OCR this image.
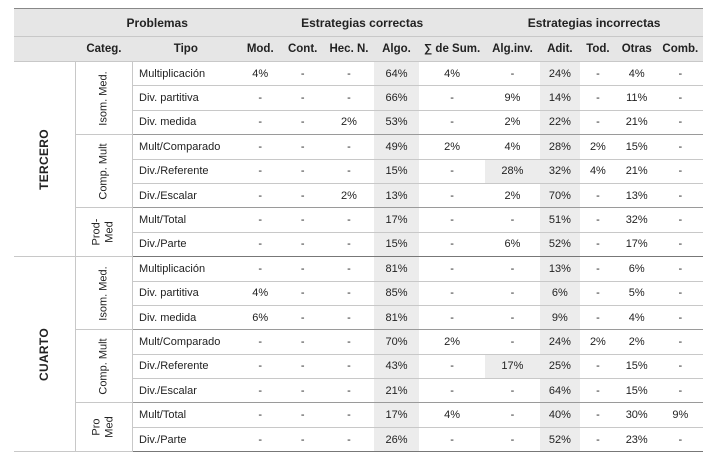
	Problemas		Estrategias correctas					Estrategias incorrectas				
	Categ.	Tipo	Mod.	Cont.	Hec. N.	Algo.	∑ de Sum.	Alg.inv.	Adit.	Tod.	Otras	Comb.
TERCERO	Isom. Med.	Multiplicación	4%	-	-	64%	4%	-	24%	-	4%	-
		Div. partitiva	-	-	-	66%	-	9%	14%	-	11%	-
		Div. medida	-	-	2%	53%	-	2%	22%	-	21%	-

	Comp. Mult	Mult/Comparado	-	-	-	49%	2%	4%	28%	2%	15%	-
		Div./Referente	-	-	-	15%	-	28%	32%	4%	21%	-
		Div./Escalar	-	-	2%	13%	-	2%	70%	-	13%	-

	Prod- Med	Mult/Total	-	-	-	17%	-	-	51%	-	32%	-
		Div./Parte	-	-	-	15%	-	6%	52%	-	17%	-
CUARTO	Isom. Med.	Multiplicación	-	-	-	81%	-	-	13%	-	6%	-
		Div. partitiva	4%	-	-	85%	-	-	6%	-	5%	-
		Div. medida	6%	-	-	81%	-	-	9%	-	4%	-

	Comp. Mult	Mult/Comparado	-	-	-	70%	2%	-	24%	2%	2%	-
		Div./Referente	-	-	-	43%	-	17%	25%	-	15%	-
		Div./Escalar	-	-	-	21%	-	-	64%	-	15%	-

	Pro Med	Mult/Total	-	-	-	17%	4%	-	40%	-	30%	9%
		Div./Parte	-	-	-	26%	-	-	52%	-	23%	-
